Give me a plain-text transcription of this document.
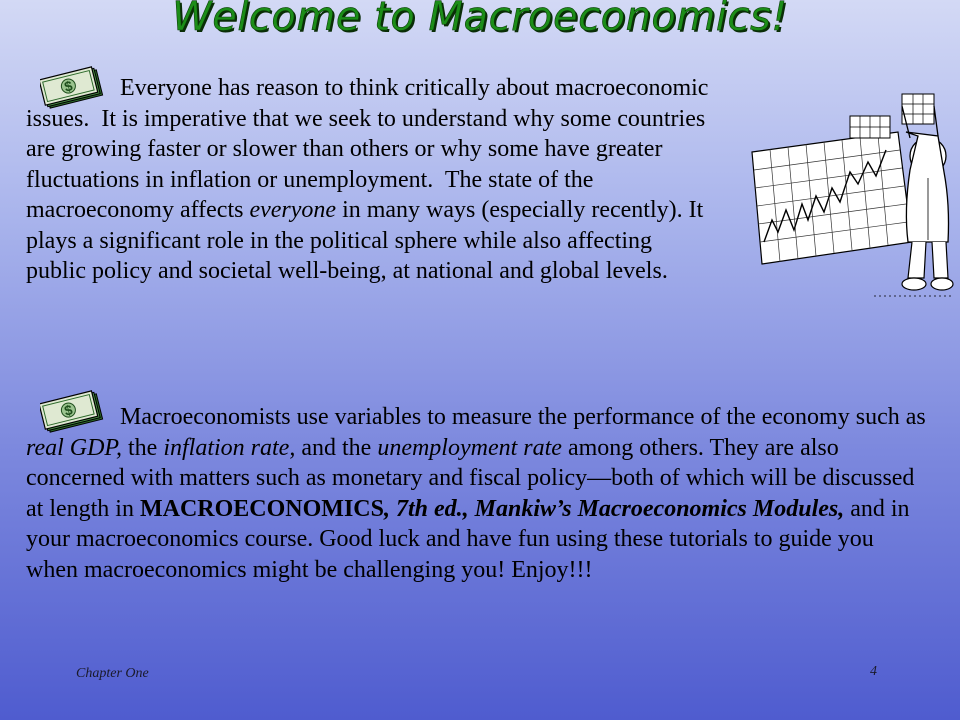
Welcome to Macroeconomics!
$
$

Everyone has reason to think critically about macroeconomic issues. It is imperative that we seek to understand why some countries are growing faster or slower than others or why some have greater fluctuations in inflation or unemployment. The state of the macroeconomy affects everyone in many ways (especially recently). It plays a significant role in the political sphere while also affecting public policy and societal well-being, at national and global levels.

Macroeconomists use variables to measure the performance of the economy such as real GDP, the inflation rate, and the unemployment rate among others. They are also concerned with matters such as monetary and fiscal policy—both of which will be discussed at length in MACROECONOMICS, 7th ed., Mankiw’s Macroeconomics Modules, and in your macroeconomics course. Good luck and have fun using these tutorials to guide you when macroeconomics might be challenging you! Enjoy!!!

Chapter One	4
